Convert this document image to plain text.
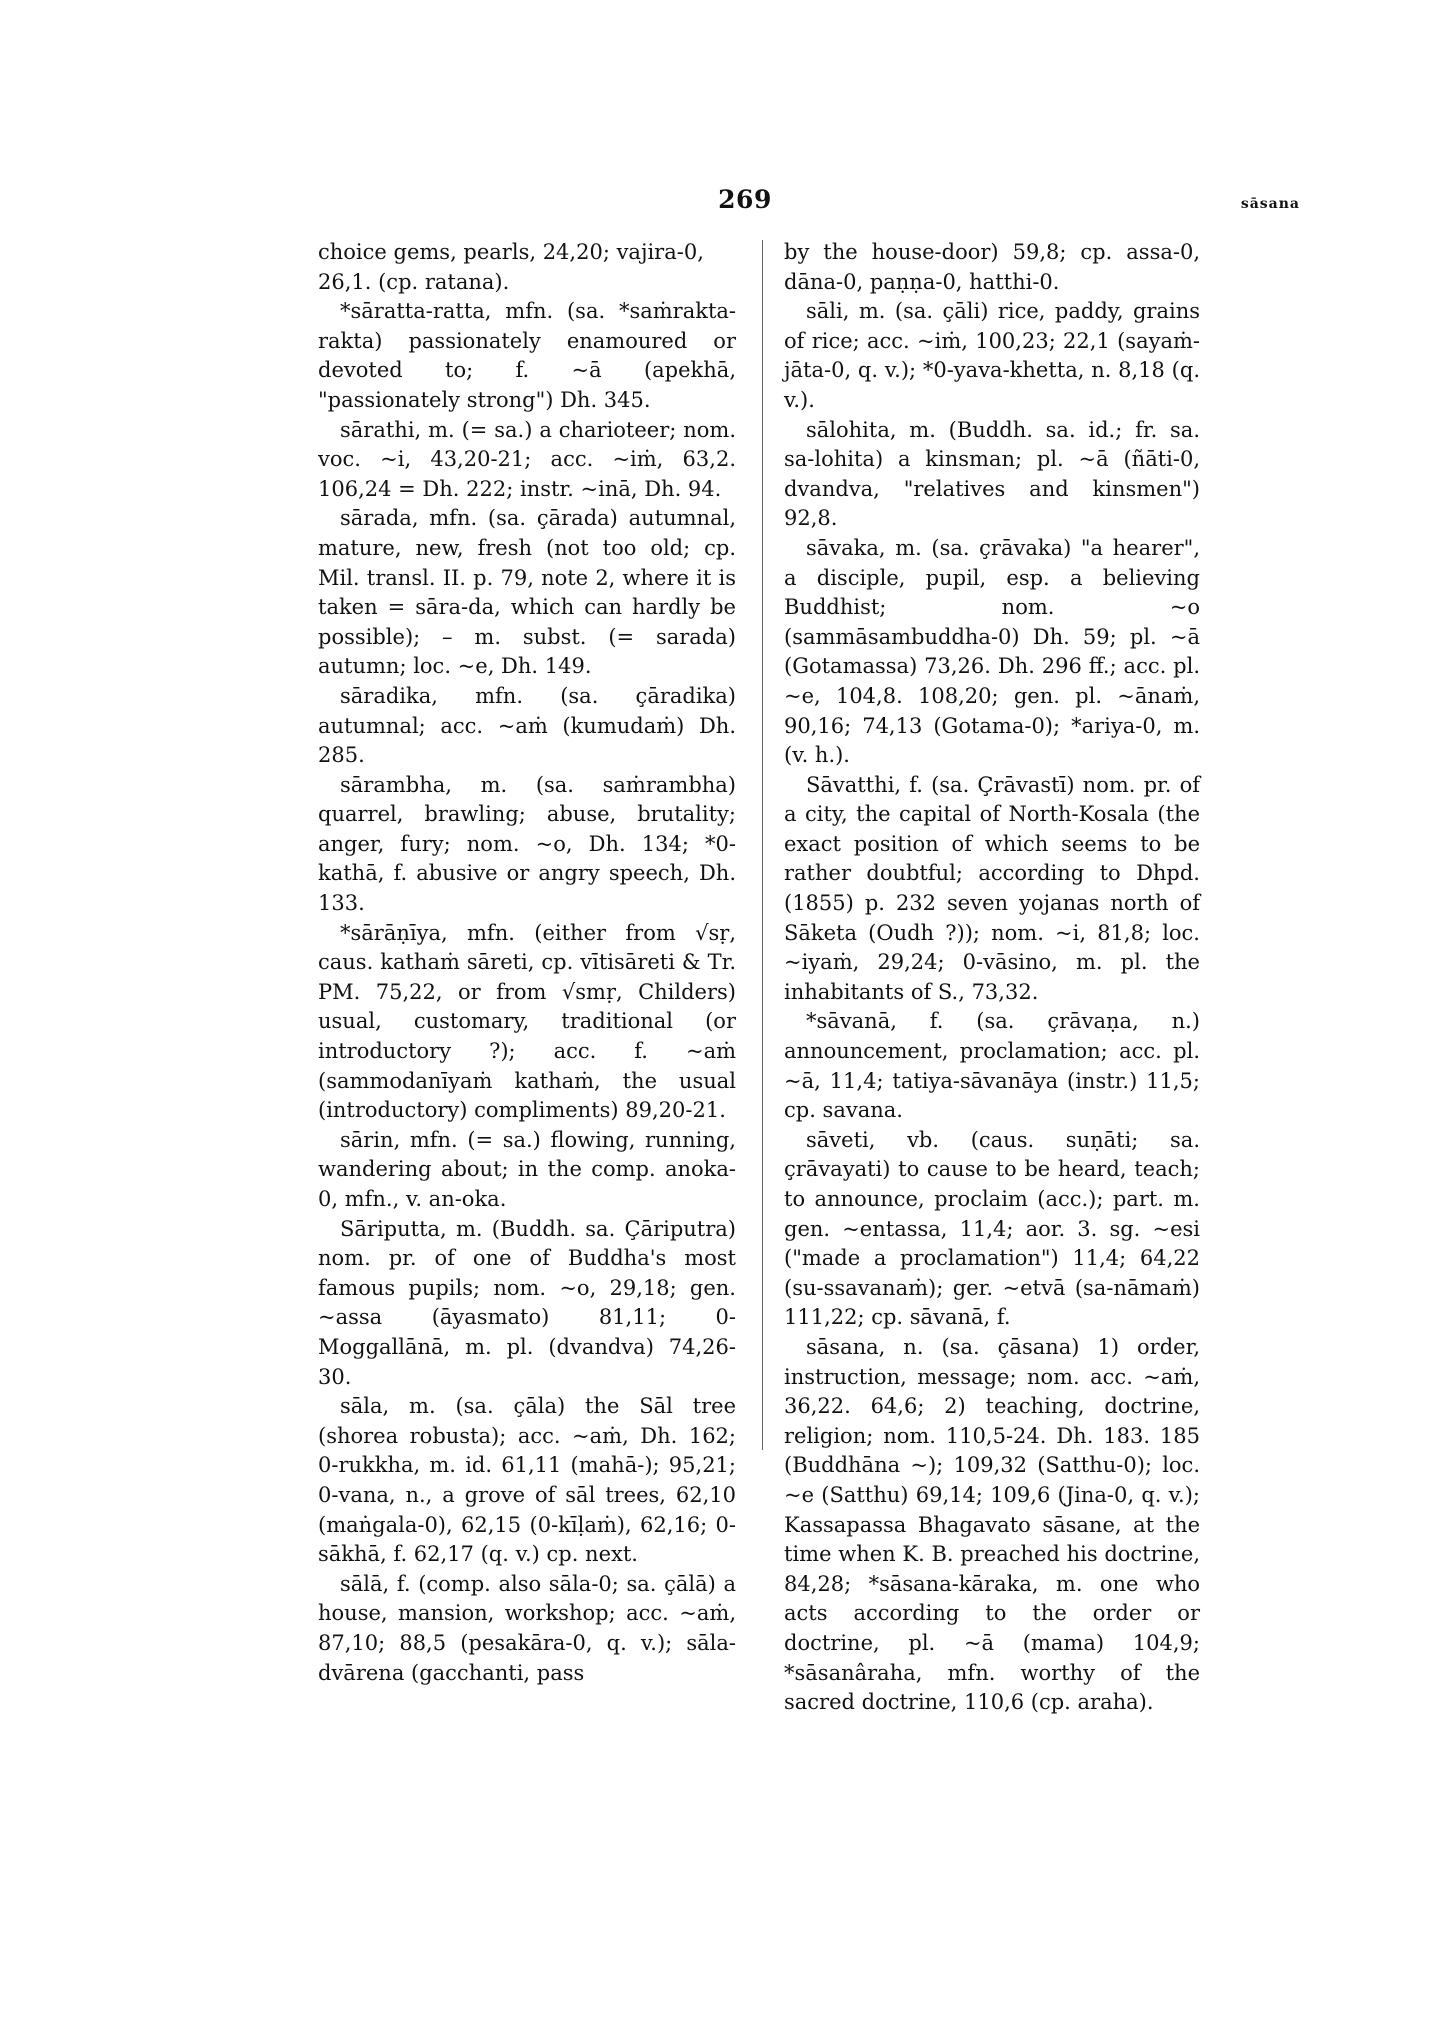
269	sāsana

choice gems, pearls, 24,20; vajira-0,
26,1. (cp. ratana).

*sāratta-ratta, mfn. (sa. *saṁrakta-rakta) passionately enamoured or devoted to; f. ~ā (apekhā, "passionately strong") Dh. 345.

sārathi, m. (= sa.) a charioteer; nom. voc. ~i, 43,20-21; acc. ~iṁ, 63,2. 106,24 = Dh. 222; instr. ~inā, Dh. 94.

sārada, mfn. (sa. çārada) autumnal, mature, new, fresh (not too old; cp. Mil. transl. II. p. 79, note 2, where it is taken = sāra-da, which can hardly be possible); – m. subst. (= sarada) autumn; loc. ~e, Dh. 149.

sāradika, mfn. (sa. çāradika) autumnal; acc. ~aṁ (kumudaṁ) Dh. 285.

sārambha, m. (sa. saṁrambha) quarrel, brawling; abuse, brutality; anger, fury; nom. ~o, Dh. 134; *0-kathā, f. abusive or angry speech, Dh. 133.

*sārāṇīya, mfn. (either from √sṛ, caus. kathaṁ sāreti, cp. vītisāreti & Tr. PM. 75,22, or from √smṛ, Childers) usual, customary, traditional (or introductory ?); acc. f. ~aṁ (sammodanīyaṁ kathaṁ, the usual (introductory) compliments) 89,20-21.

sārin, mfn. (= sa.) flowing, running, wandering about; in the comp. anoka-0, mfn., v. an-oka.

Sāriputta, m. (Buddh. sa. Çāriputra) nom. pr. of one of Buddha's most famous pupils; nom. ~o, 29,18; gen. ~assa (āyasmato) 81,11; 0-Moggallānā, m. pl. (dvandva) 74,26-30.

sāla, m. (sa. çāla) the Sāl tree (shorea robusta); acc. ~aṁ, Dh. 162; 0-rukkha, m. id. 61,11 (mahā-); 95,21; 0-vana, n., a grove of sāl trees, 62,10 (maṅgala-0), 62,15 (0-kīḷaṁ), 62,16; 0-sākhā, f. 62,17 (q. v.) cp. next.

sālā, f. (comp. also sāla-0; sa. çālā) a house, mansion, workshop; acc. ~aṁ, 87,10; 88,5 (pesakāra-0, q. v.); sāla-dvārena (gacchanti, pass

by the house-door) 59,8; cp. assa-0, dāna-0, paṇṇa-0, hatthi-0.

sāli, m. (sa. çāli) rice, paddy, grains of rice; acc. ~iṁ, 100,23; 22,1 (sayaṁ-jāta-0, q. v.); *0-yava-khetta, n. 8,18 (q. v.).

sālohita, m. (Buddh. sa. id.; fr. sa. sa-lohita) a kinsman; pl. ~ā (ñāti-0, dvandva, "relatives and kinsmen") 92,8.

sāvaka, m. (sa. çrāvaka) "a hearer", a disciple, pupil, esp. a believing Buddhist; nom. ~o (sammāsambuddha-0) Dh. 59; pl. ~ā (Gotamassa) 73,26. Dh. 296 ff.; acc. pl. ~e, 104,8. 108,20; gen. pl. ~ānaṁ, 90,16; 74,13 (Gotama-0); *ariya-0, m. (v. h.).

Sāvatthi, f. (sa. Çrāvastī) nom. pr. of a city, the capital of North-Kosala (the exact position of which seems to be rather doubtful; according to Dhpd. (1855) p. 232 seven yojanas north of Sāketa (Oudh ?)); nom. ~i, 81,8; loc. ~iyaṁ, 29,24; 0-vāsino, m. pl. the inhabitants of S., 73,32.

*sāvanā, f. (sa. çrāvaṇa, n.) announcement, proclamation; acc. pl. ~ā, 11,4; tatiya-sāvanāya (instr.) 11,5; cp. savana.

sāveti, vb. (caus. suṇāti; sa. çrāvayati) to cause to be heard, teach; to announce, proclaim (acc.); part. m. gen. ~entassa, 11,4; aor. 3. sg. ~esi ("made a proclamation") 11,4; 64,22 (su-ssavanaṁ); ger. ~etvā (sa-nāmaṁ) 111,22; cp. sāvanā, f.

sāsana, n. (sa. çāsana) 1) order, instruction, message; nom. acc. ~aṁ, 36,22. 64,6; 2) teaching, doctrine, religion; nom. 110,5-24. Dh. 183. 185 (Buddhāna ~); 109,32 (Satthu-0); loc. ~e (Satthu) 69,14; 109,6 (Jina-0, q. v.); Kassapassa Bhagavato sāsane, at the time when K. B. preached his doctrine, 84,28; *sāsana-kāraka, m. one who acts according to the order or doctrine, pl. ~ā (mama) 104,9; *sāsanâraha, mfn. worthy of the sacred doctrine, 110,6 (cp. araha).
